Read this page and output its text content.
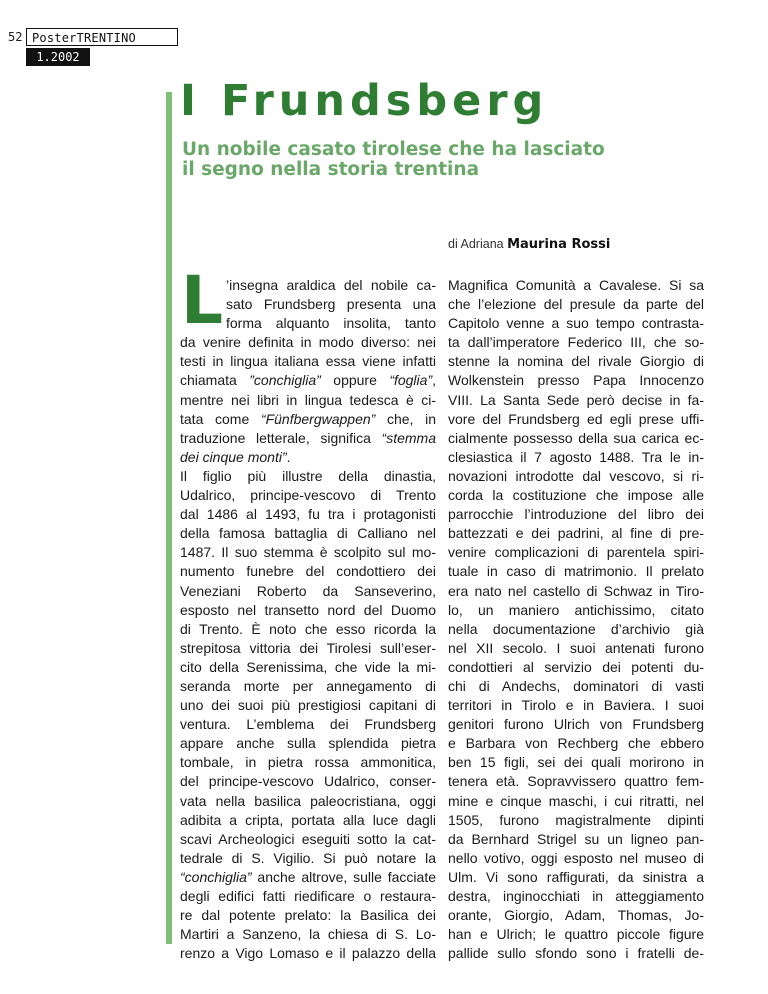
52 PosterTRENTINO
1.2002
I Frundsberg
Un nobile casato tirolese che ha lasciato
il segno nella storia trentina
di Adriana Maurina Rossi
L ’insegna araldica del nobile ca-
sato Frundsberg presenta una
forma alquanto insolita, tanto
da venire definita in modo diverso: nei
testi in lingua italiana essa viene infatti
chiamata ”conchiglia” oppure “foglia”,
mentre nei libri in lingua tedesca è ci-
tata come “Fünfbergwappen” che, in
traduzione letterale, significa “stemma
dei cinque monti”.
Il figlio più illustre della dinastia,
Udalrico, principe-vescovo di Trento
dal 1486 al 1493, fu tra i protagonisti
della famosa battaglia di Calliano nel
1487. Il suo stemma è scolpito sul mo-
numento funebre del condottiero dei
Veneziani Roberto da Sanseverino,
esposto nel transetto nord del Duomo
di Trento. È noto che esso ricorda la
strepitosa vittoria dei Tirolesi sull’eser-
cito della Serenissima, che vide la mi-
seranda morte per annegamento di
uno dei suoi più prestigiosi capitani di
ventura. L’emblema dei Frundsberg
appare anche sulla splendida pietra
tombale, in pietra rossa ammonitica,
del principe-vescovo Udalrico, conser-
vata nella basilica paleocristiana, oggi
adibita a cripta, portata alla luce dagli
scavi Archeologici eseguiti sotto la cat-
tedrale di S. Vigilio. Si può notare la
“conchiglia” anche altrove, sulle facciate
degli edifici fatti riedificare o restaura-
re dal potente prelato: la Basilica dei
Martiri a Sanzeno, la chiesa di S. Lo-
renzo a Vigo Lomaso e il palazzo della
Magnifica Comunità a Cavalese. Si sa
che l’elezione del presule da parte del
Capitolo venne a suo tempo contrasta-
ta dall’imperatore Federico III, che so-
stenne la nomina del rivale Giorgio di
Wolkenstein presso Papa Innocenzo
VIII. La Santa Sede però decise in fa-
vore del Frundsberg ed egli prese uffi-
cialmente possesso della sua carica ec-
clesiastica il 7 agosto 1488. Tra le in-
novazioni introdotte dal vescovo, si ri-
corda la costituzione che impose alle
parrocchie l’introduzione del libro dei
battezzati e dei padrini, al fine di pre-
venire complicazioni di parentela spiri-
tuale in caso di matrimonio. Il prelato
era nato nel castello di Schwaz in Tiro-
lo, un maniero antichissimo, citato
nella documentazione d’archivio già
nel XII secolo. I suoi antenati furono
condottieri al servizio dei potenti du-
chi di Andechs, dominatori di vasti
territori in Tirolo e in Baviera. I suoi
genitori furono Ulrich von Frundsberg
e Barbara von Rechberg che ebbero
ben 15 figli, sei dei quali morirono in
tenera età. Sopravvissero quattro fem-
mine e cinque maschi, i cui ritratti, nel
1505, furono magistralmente dipinti
da Bernhard Strigel su un ligneo pan-
nello votivo, oggi esposto nel museo di
Ulm. Vi sono raffigurati, da sinistra a
destra, inginocchiati in atteggiamento
orante, Giorgio, Adam, Thomas, Jo-
han e Ulrich; le quattro piccole figure
pallide sullo sfondo sono i fratelli de-
